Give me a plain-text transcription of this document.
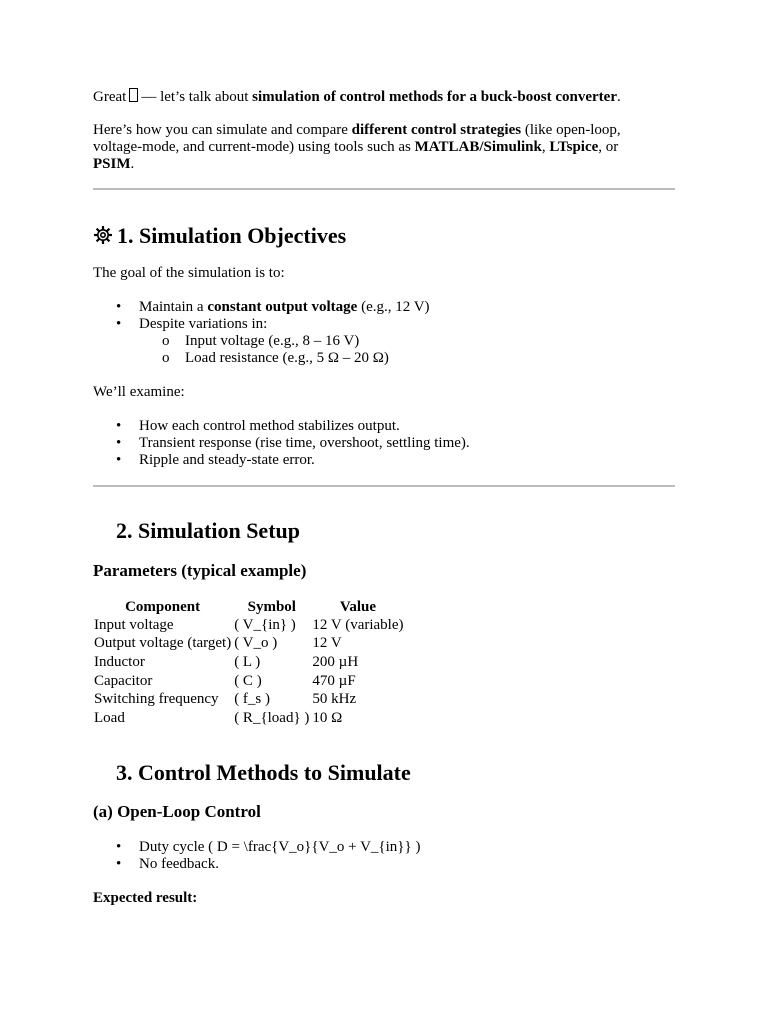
Great — let’s talk about simulation of control methods for a buck-boost converter.
Here’s how you can simulate and compare different control strategies (like open-loop,
voltage-mode, and current-mode) using tools such as MATLAB/Simulink, LTspice, or
PSIM.
1. Simulation Objectives
The goal of the simulation is to:
• Maintain a constant output voltage (e.g., 12 V)
• Despite variations in:
o Input voltage (e.g., 8 – 16 V)
o Load resistance (e.g., 5 Ω – 20 Ω)
We’ll examine:
• How each control method stabilizes output.
• Transient response (rise time, overshoot, settling time).
• Ripple and steady-state error.
2. Simulation Setup
Parameters (typical example)
Component	Symbol	Value
Input voltage	( V_{in} )	12 V (variable)
Output voltage (target)	( V_o )	12 V
Inductor	( L )	200 µH
Capacitor	( C )	470 µF
Switching frequency	( f_s )	50 kHz
Load	( R_{load} )	10 Ω
3. Control Methods to Simulate
(a) Open-Loop Control
• Duty cycle ( D = \frac{V_o}{V_o + V_{in}} )
• No feedback.
Expected result:
